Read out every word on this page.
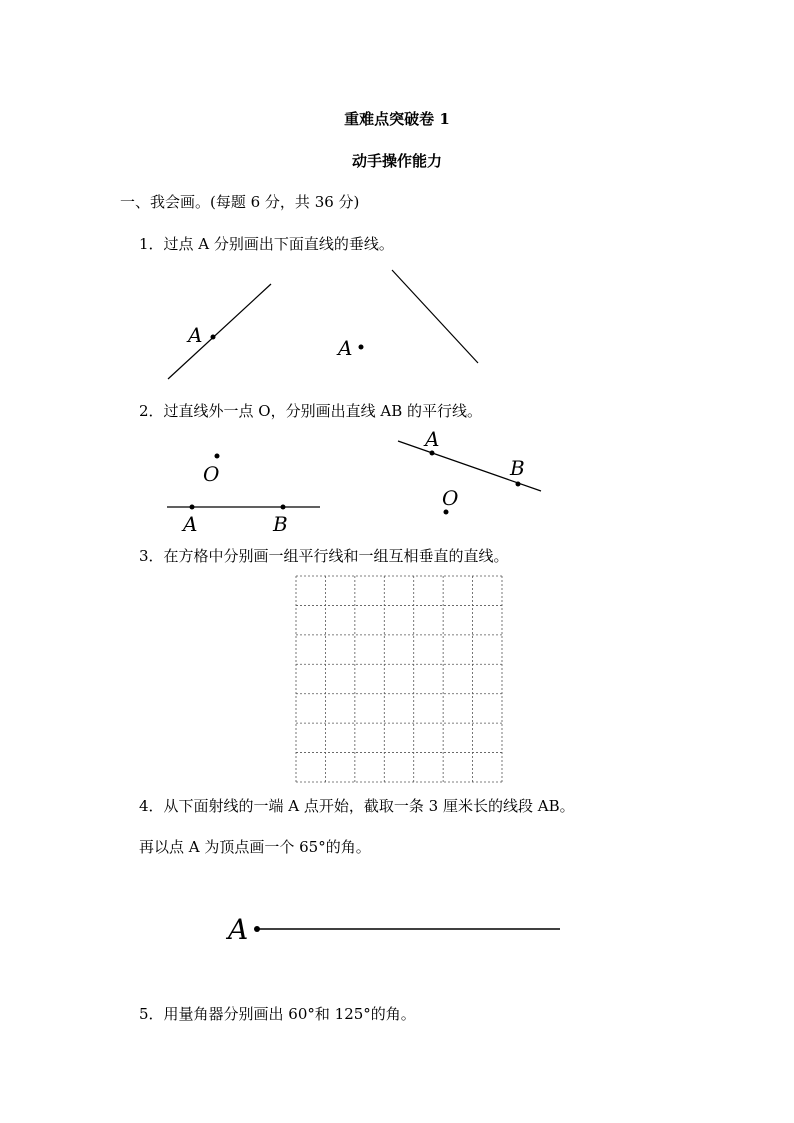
重难点突破卷 1
动手操作能力
一、我会画。(每题 6 分，共 36 分)
1．过点 A 分别画出下面直线的垂线。
2．过直线外一点 O，分别画出直线 AB 的平行线。
3．在方格中分别画一组平行线和一组互相垂直的直线。
4．从下面射线的一端 A 点开始，截取一条 3 厘米长的线段 AB。
再以点 A 为顶点画一个 65°的角。
5．用量角器分别画出 60°和 125°的角。
A
A
O
A	B
A
B
O
A
